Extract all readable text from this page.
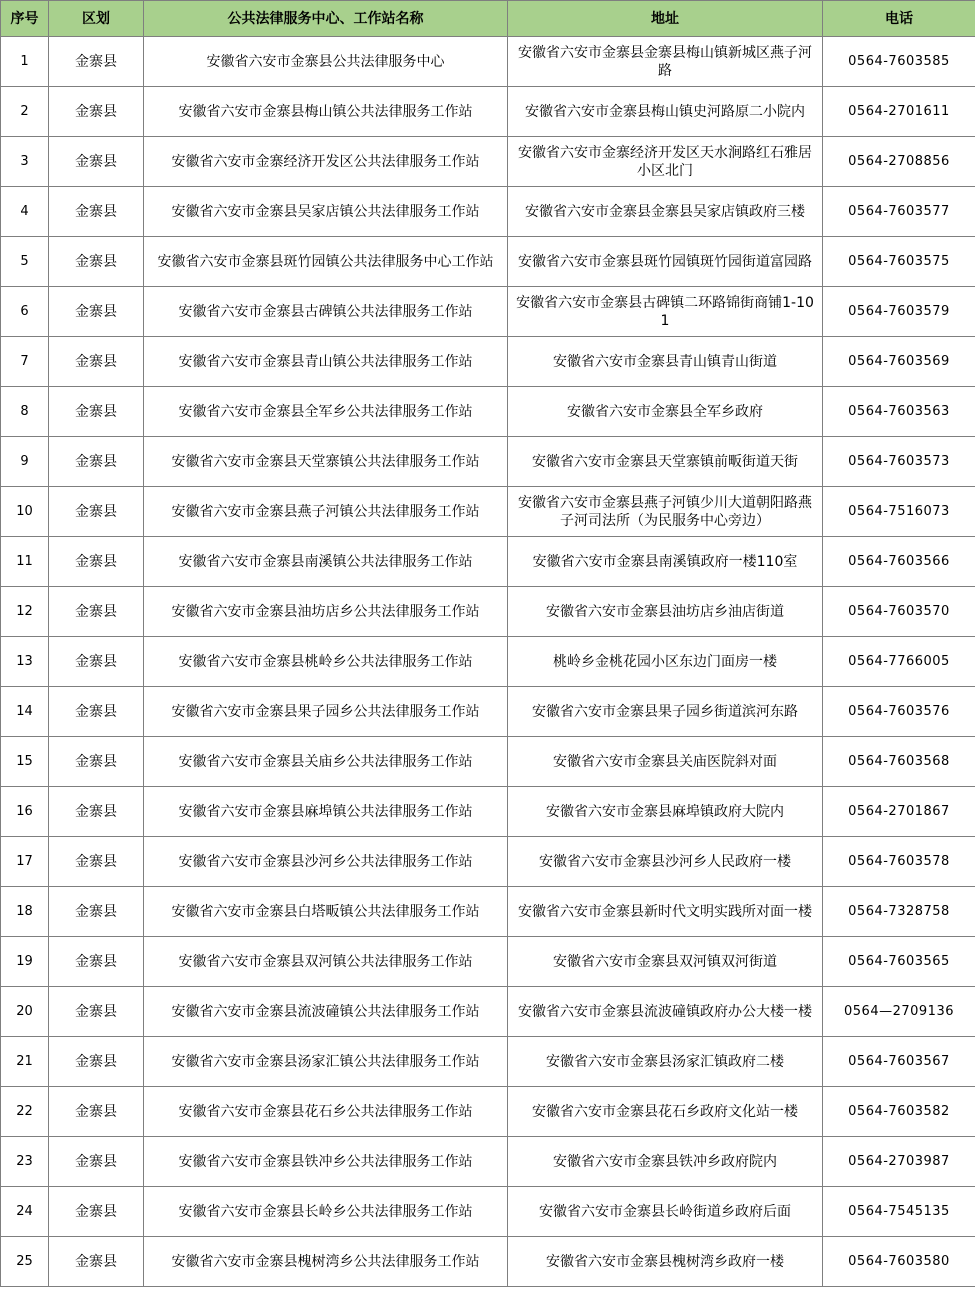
序号	区划	公共法律服务中心、工作站名称	地址	电话
1	金寨县	安徽省六安市金寨县公共法律服务中心	安徽省六安市金寨县金寨县梅山镇新城区燕子河路	0564-7603585
2	金寨县	安徽省六安市金寨县梅山镇公共法律服务工作站	安徽省六安市金寨县梅山镇史河路原二小院内	0564-2701611
3	金寨县	安徽省六安市金寨经济开发区公共法律服务工作站	安徽省六安市金寨经济开发区天水涧路红石雅居小区北门	0564-2708856
4	金寨县	安徽省六安市金寨县吴家店镇公共法律服务工作站	安徽省六安市金寨县金寨县吴家店镇政府三楼	0564-7603577
5	金寨县	安徽省六安市金寨县斑竹园镇公共法律服务中心工作站	安徽省六安市金寨县斑竹园镇斑竹园街道富园路	0564-7603575
6	金寨县	安徽省六安市金寨县古碑镇公共法律服务工作站	安徽省六安市金寨县古碑镇二环路锦街商铺1-101	0564-7603579
7	金寨县	安徽省六安市金寨县青山镇公共法律服务工作站	安徽省六安市金寨县青山镇青山街道	0564-7603569
8	金寨县	安徽省六安市金寨县全军乡公共法律服务工作站	安徽省六安市金寨县全军乡政府	0564-7603563
9	金寨县	安徽省六安市金寨县天堂寨镇公共法律服务工作站	安徽省六安市金寨县天堂寨镇前畈街道天街	0564-7603573
10	金寨县	安徽省六安市金寨县燕子河镇公共法律服务工作站	安徽省六安市金寨县燕子河镇少川大道朝阳路燕子河司法所（为民服务中心旁边）	0564-7516073
11	金寨县	安徽省六安市金寨县南溪镇公共法律服务工作站	安徽省六安市金寨县南溪镇政府一楼110室	0564-7603566
12	金寨县	安徽省六安市金寨县油坊店乡公共法律服务工作站	安徽省六安市金寨县油坊店乡油店街道	0564-7603570
13	金寨县	安徽省六安市金寨县桃岭乡公共法律服务工作站	桃岭乡金桃花园小区东边门面房一楼	0564-7766005
14	金寨县	安徽省六安市金寨县果子园乡公共法律服务工作站	安徽省六安市金寨县果子园乡街道滨河东路	0564-7603576
15	金寨县	安徽省六安市金寨县关庙乡公共法律服务工作站	安徽省六安市金寨县关庙医院斜对面	0564-7603568
16	金寨县	安徽省六安市金寨县麻埠镇公共法律服务工作站	安徽省六安市金寨县麻埠镇政府大院内	0564-2701867
17	金寨县	安徽省六安市金寨县沙河乡公共法律服务工作站	安徽省六安市金寨县沙河乡人民政府一楼	0564-7603578
18	金寨县	安徽省六安市金寨县白塔畈镇公共法律服务工作站	安徽省六安市金寨县新时代文明实践所对面一楼	0564-7328758
19	金寨县	安徽省六安市金寨县双河镇公共法律服务工作站	安徽省六安市金寨县双河镇双河街道	0564-7603565
20	金寨县	安徽省六安市金寨县流波䃥镇公共法律服务工作站	安徽省六安市金寨县流波䃥镇政府办公大楼一楼	0564—2709136
21	金寨县	安徽省六安市金寨县汤家汇镇公共法律服务工作站	安徽省六安市金寨县汤家汇镇政府二楼	0564-7603567
22	金寨县	安徽省六安市金寨县花石乡公共法律服务工作站	安徽省六安市金寨县花石乡政府文化站一楼	0564-7603582
23	金寨县	安徽省六安市金寨县铁冲乡公共法律服务工作站	安徽省六安市金寨县铁冲乡政府院内	0564-2703987
24	金寨县	安徽省六安市金寨县长岭乡公共法律服务工作站	安徽省六安市金寨县长岭街道乡政府后面	0564-7545135
25	金寨县	安徽省六安市金寨县槐树湾乡公共法律服务工作站	安徽省六安市金寨县槐树湾乡政府一楼	0564-7603580
